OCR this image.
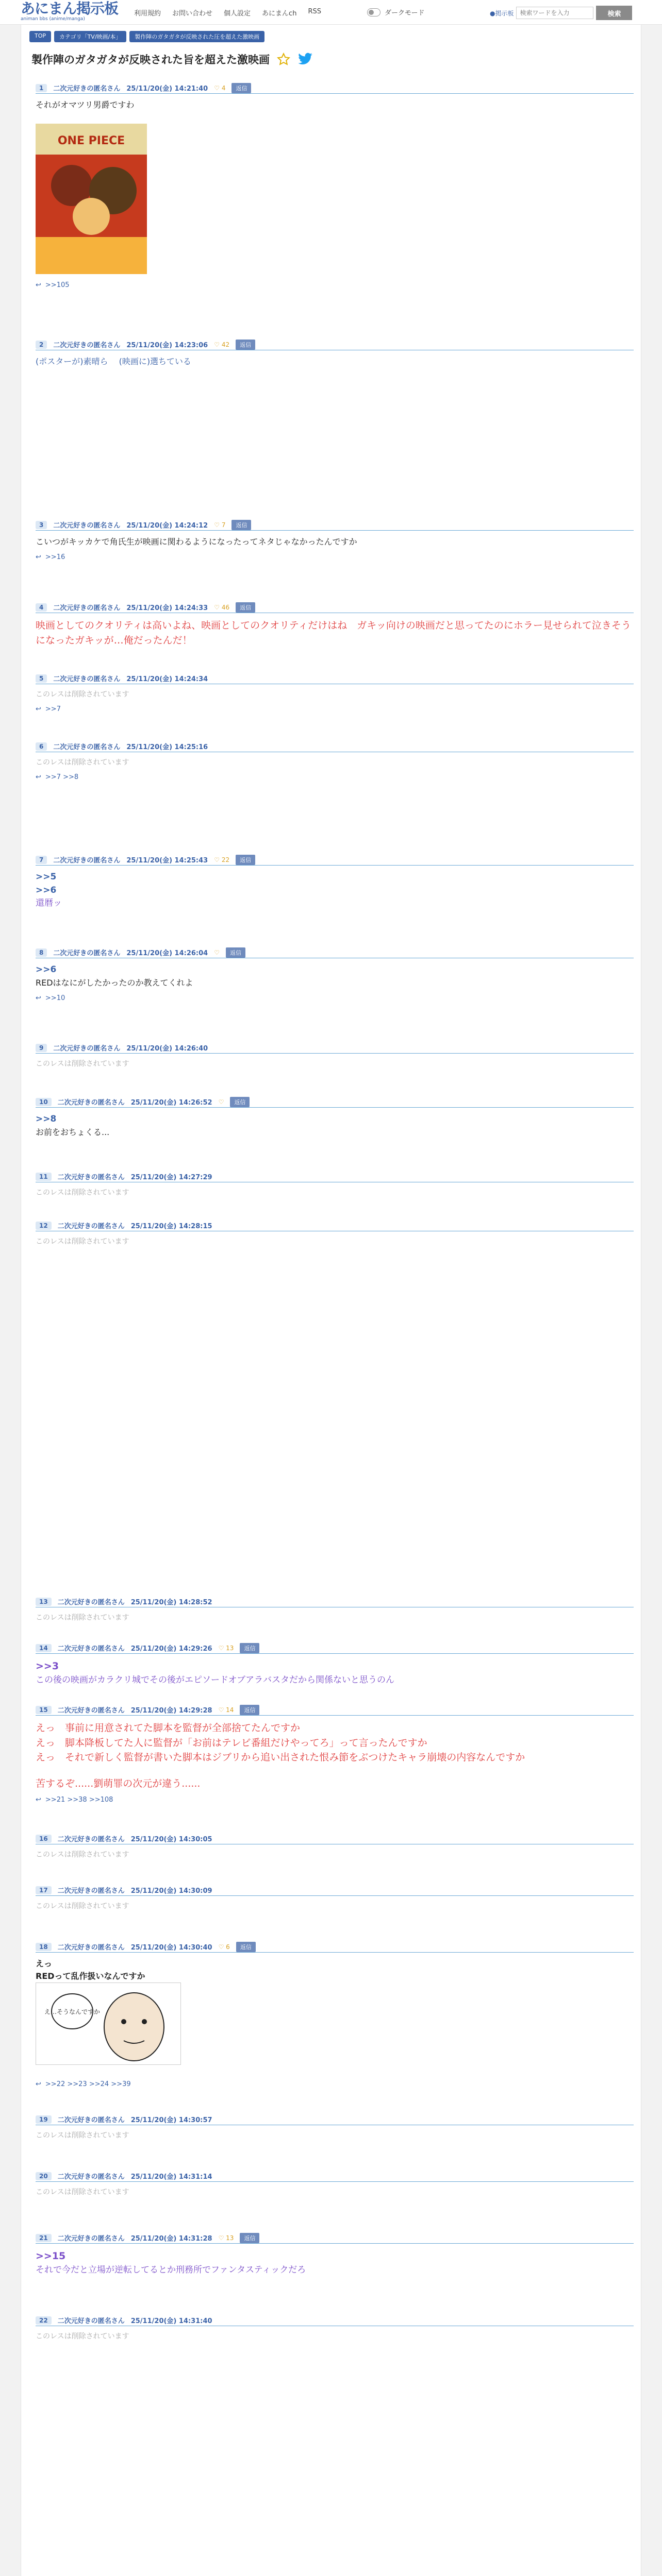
あにまん掲示板
animan bbs (anime/manga)
利用規約 お問い合わせ 個人設定 あにまんch RSS	ダークモード	●掲示板
検索ワードを入力	検索
TOP	カテゴリ「TV/映画/本」	製作陣のガタガタが反映された圧を超えた激映画
製作陣のガタガタが反映された旨を超えた激映画
1	二次元好きの匿名さん 25/11/20(金) 14:21:40 ♡ 4	返信
それがオマツリ男爵ですわ
↩ >>105
2	二次元好きの匿名さん 25/11/20(金) 14:23:06 ♡ 42	返信
(ポスターが)素晴ら　 (映画に)選ちている
3	二次元好きの匿名さん 25/11/20(金) 14:24:12 ♡ 7	返信
こいつがキッカケで角氏生が映画に関わるようになったってネタじゃなかったんですか
↩ >>16
4	二次元好きの匿名さん 25/11/20(金) 14:24:33 ♡ 46	返信
映画としてのクオリティは高いよね、映画としてのクオリティだけはね　ガキッ向けの映画だと思ってたのにホラー見せられて泣きそうになったガキッが…俺だったんだ！
5	二次元好きの匿名さん 25/11/20(金) 14:24:34
このレスは削除されています
↩ >>7
6	二次元好きの匿名さん 25/11/20(金) 14:25:16
このレスは削除されています
↩ >>7 >>8
7	二次元好きの匿名さん 25/11/20(金) 14:25:43 ♡ 22	返信
>>5
>>6
還暦ッ
8	二次元好きの匿名さん 25/11/20(金) 14:26:04 ♡	返信
>>6
REDはなにがしたかったのか教えてくれよ
↩ >>10
9	二次元好きの匿名さん 25/11/20(金) 14:26:40
このレスは削除されています
10	二次元好きの匿名さん 25/11/20(金) 14:26:52 ♡	返信
>>8
お前をおちょくる...
11	二次元好きの匿名さん 25/11/20(金) 14:27:29
このレスは削除されています
12	二次元好きの匿名さん 25/11/20(金) 14:28:15
このレスは削除されています
13	二次元好きの匿名さん 25/11/20(金) 14:28:52
このレスは削除されています
14	二次元好きの匿名さん 25/11/20(金) 14:29:26 ♡ 13	返信
>>3
この後の映画がカラクリ城でその後がエピソードオブアラバスタだから関係ないと思うのん
15	二次元好きの匿名さん 25/11/20(金) 14:29:28 ♡ 14	返信
えっ　事前に用意されてた脚本を監督が全部捨てたんですか
えっ　脚本降板してた人に監督が「お前はテレビ番組だけやってろ」って言ったんですか
えっ　それで新しく監督が書いた脚本はジブリから追い出された恨み節をぶつけたキャラ崩壊の内容なんですか
苦するぞ......劉萌罪の次元が違う......
↩ >>21 >>38 >>108
16	二次元好きの匿名さん 25/11/20(金) 14:30:05
このレスは削除されています
17	二次元好きの匿名さん 25/11/20(金) 14:30:09
このレスは削除されています
18	二次元好きの匿名さん 25/11/20(金) 14:30:40 ♡ 6	返信
えっ
REDって乱作扱いなんですか
↩ >>22 >>23 >>24 >>39
19	二次元好きの匿名さん 25/11/20(金) 14:30:57
このレスは削除されています
20	二次元好きの匿名さん 25/11/20(金) 14:31:14
このレスは削除されています
21	二次元好きの匿名さん 25/11/20(金) 14:31:28 ♡ 13	返信
>>15
それで今だと立場が逆転してるとか刑務所でファンタスティックだろ
22	二次元好きの匿名さん 25/11/20(金) 14:31:40
このレスは削除されています
ONE PIECE
え…そうなんですか
